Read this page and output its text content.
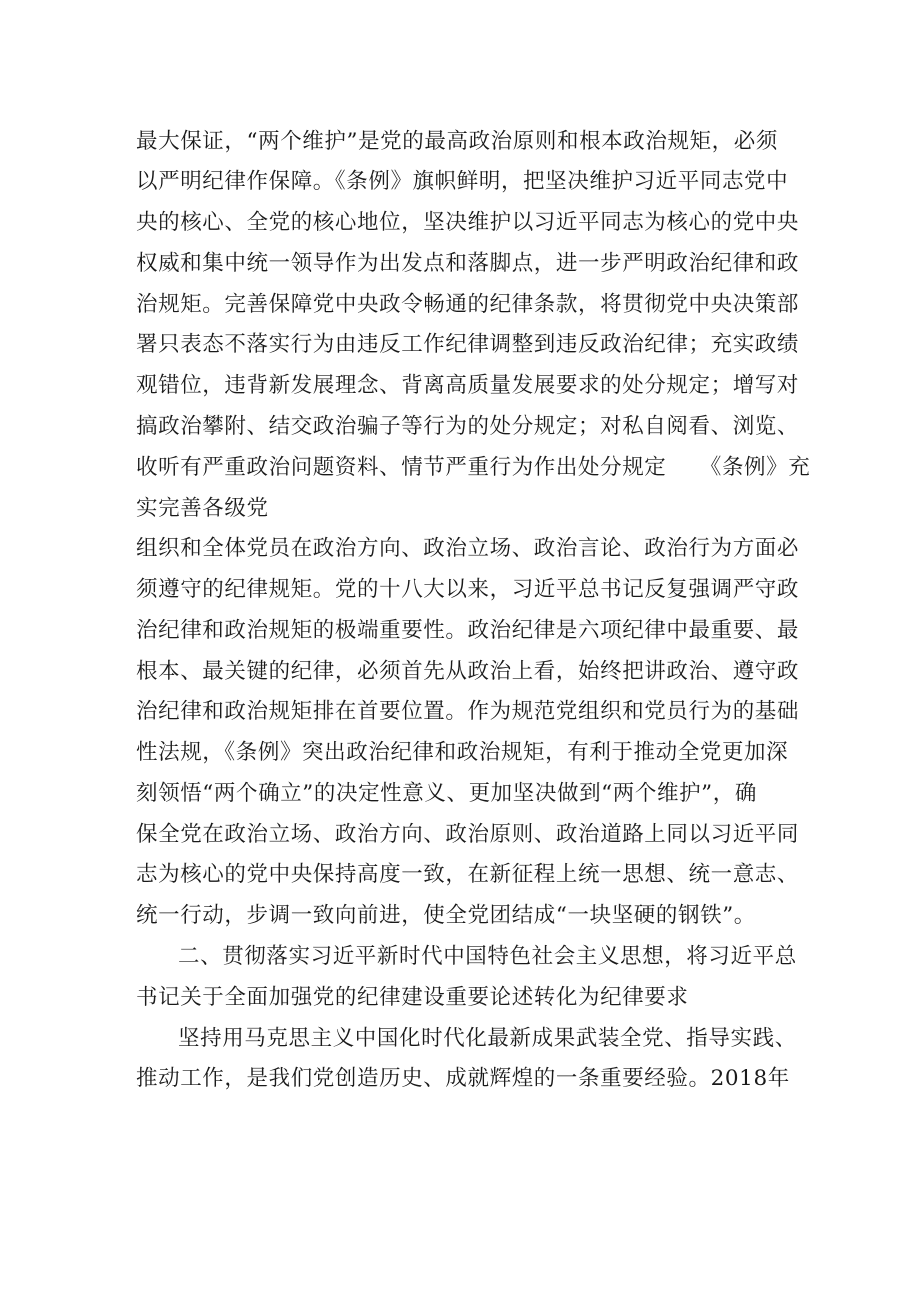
最大保证，“两个维护”是党的最高政治原则和根本政治规矩，必须
以严明纪律作保障。《条例》旗帜鲜明，把坚决维护习近平同志党中
央的核心、全党的核心地位，坚决维护以习近平同志为核心的党中央
权威和集中统一领导作为出发点和落脚点，进一步严明政治纪律和政
治规矩。完善保障党中央政令畅通的纪律条款，将贯彻党中央决策部
署只表态不落实行为由违反工作纪律调整到违反政治纪律；充实政绩
观错位，违背新发展理念、背离高质量发展要求的处分规定；增写对
搞政治攀附、结交政治骗子等行为的处分规定；对私自阅看、浏览、
收听有严重政治问题资料、情节严重行为作出处分规定　　《条例》充
实完善各级党
组织和全体党员在政治方向、政治立场、政治言论、政治行为方面必
须遵守的纪律规矩。党的十八大以来，习近平总书记反复强调严守政
治纪律和政治规矩的极端重要性。政治纪律是六项纪律中最重要、最
根本、最关键的纪律，必须首先从政治上看，始终把讲政治、遵守政
治纪律和政治规矩排在首要位置。作为规范党组织和党员行为的基础
性法规，《条例》突出政治纪律和政治规矩，有利于推动全党更加深
刻领悟“两个确立”的决定性意义、更加坚决做到“两个维护”，确
保全党在政治立场、政治方向、政治原则、政治道路上同以习近平同
志为核心的党中央保持高度一致，在新征程上统一思想、统一意志、
统一行动，步调一致向前进，使全党团结成“一块坚硬的钢铁”。
二、贯彻落实习近平新时代中国特色社会主义思想，将习近平总
书记关于全面加强党的纪律建设重要论述转化为纪律要求
坚持用马克思主义中国化时代化最新成果武装全党、指导实践、
推动工作，是我们党创造历史、成就辉煌的一条重要经验。2018年
